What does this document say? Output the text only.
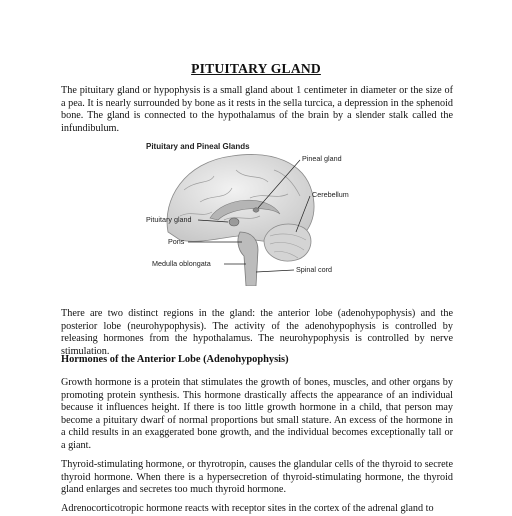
PITUITARY GLAND

The pituitary gland or hypophysis is a small gland about 1 centimeter in diameter or the size of a pea. It is nearly surrounded by bone as it rests in the sella turcica, a depression in the sphenoid bone. The gland is connected to the hypothalamus of the brain by a slender stalk called the infundibulum.

Pituitary and Pineal Glands
Pineal gland
Cerebellum
Pituitary gland
Pons
Medulla oblongata
Spinal cord

There are two distinct regions in the gland: the anterior lobe (adenohypophysis) and the posterior lobe (neurohypophysis). The activity of the adenohypophysis is controlled by releasing hormones from the hypothalamus. The neurohypophysis is controlled by nerve stimulation.

Hormones of the Anterior Lobe (Adenohypophysis)

Growth hormone is a protein that stimulates the growth of bones, muscles, and other organs by promoting protein synthesis. This hormone drastically affects the appearance of an individual because it influences height. If there is too little growth hormone in a child, that person may become a pituitary dwarf of normal proportions but small stature. An excess of the hormone in a child results in an exaggerated bone growth, and the individual becomes exceptionally tall or a giant.

Thyroid-stimulating hormone, or thyrotropin, causes the glandular cells of the thyroid to secrete thyroid hormone. When there is a hypersecretion of thyroid-stimulating hormone, the thyroid gland enlarges and secretes too much thyroid hormone.

Adrenocorticotropic hormone reacts with receptor sites in the cortex of the adrenal gland to
